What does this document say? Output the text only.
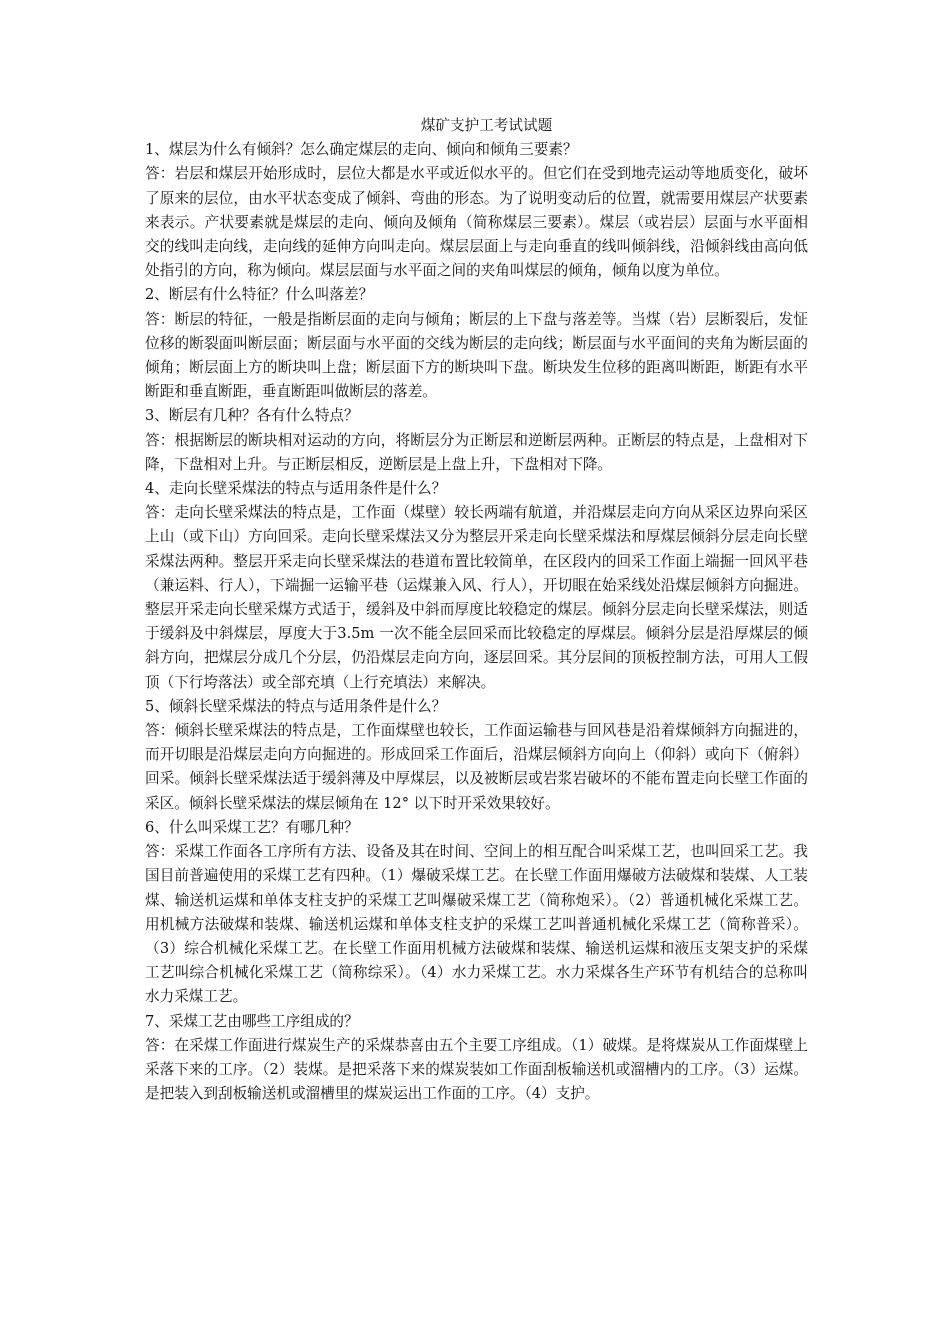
煤矿支护工考试试题

1、煤层为什么有倾斜？怎么确定煤层的走向、倾向和倾角三要素？

答：岩层和煤层开始形成时，层位大都是水平或近似水平的。但它们在受到地壳运动等地质变化，破坏了原来的层位，由水平状态变成了倾斜、弯曲的形态。为了说明变动后的位置，就需要用煤层产状要素来表示。产状要素就是煤层的走向、倾向及倾角（简称煤层三要素）。煤层（或岩层）层面与水平面相交的线叫走向线，走向线的延伸方向叫走向。煤层层面上与走向垂直的线叫倾斜线，沿倾斜线由高向低处指引的方向，称为倾向。煤层层面与水平面之间的夹角叫煤层的倾角，倾角以度为单位。

2、断层有什么特征？什么叫落差？

答：断层的特征，一般是指断层面的走向与倾角；断层的上下盘与落差等。当煤（岩）层断裂后，发怔位移的断裂面叫断层面；断层面与水平面的交线为断层的走向线；断层面与水平面间的夹角为断层面的倾角；断层面上方的断块叫上盘；断层面下方的断块叫下盘。断块发生位移的距离叫断距，断距有水平断距和垂直断距，垂直断距叫做断层的落差。

3、断层有几种？各有什么特点？

答：根据断层的断块相对运动的方向，将断层分为正断层和逆断层两种。正断层的特点是，上盘相对下降，下盘相对上升。与正断层相反，逆断层是上盘上升，下盘相对下降。

4、走向长壁采煤法的特点与适用条件是什么？

答：走向长壁采煤法的特点是，工作面（煤壁）较长两端有航道，并沿煤层走向方向从采区边界向采区上山（或下山）方向回采。走向长壁采煤法又分为整层开采走向长壁采煤法和厚煤层倾斜分层走向长壁采煤法两种。整层开采走向长壁采煤法的巷道布置比较简单，在区段内的回采工作面上端掘一回风平巷（兼运料、行人），下端掘一运输平巷（运煤兼入风、行人），开切眼在始采线处沿煤层倾斜方向掘进。整层开采走向长壁采煤方式适于，缓斜及中斜而厚度比较稳定的煤层。倾斜分层走向长壁采煤法，则适于缓斜及中斜煤层，厚度大于3.5m 一次不能全层回采而比较稳定的厚煤层。倾斜分层是沿厚煤层的倾斜方向，把煤层分成几个分层，仍沿煤层走向方向，逐层回采。其分层间的顶板控制方法，可用人工假顶（下行垮落法）或全部充填（上行充填法）来解决。

5、倾斜长壁采煤法的特点与适用条件是什么？

答：倾斜长壁采煤法的特点是，工作面煤壁也较长，工作面运输巷与回风巷是沿着煤倾斜方向掘进的，而开切眼是沿煤层走向方向掘进的。形成回采工作面后，沿煤层倾斜方向向上（仰斜）或向下（俯斜）回采。倾斜长壁采煤法适于缓斜薄及中厚煤层，以及被断层或岩浆岩破坏的不能布置走向长壁工作面的采区。倾斜长壁采煤法的煤层倾角在 12° 以下时开采效果较好。

6、什么叫采煤工艺？有哪几种？

答：采煤工作面各工序所有方法、设备及其在时间、空间上的相互配合叫采煤工艺，也叫回采工艺。我国目前普遍使用的采煤工艺有四种。（1）爆破采煤工艺。在长壁工作面用爆破方法破煤和装煤、人工装煤、输送机运煤和单体支柱支护的采煤工艺叫爆破采煤工艺（简称炮采）。（2）普通机械化采煤工艺。用机械方法破煤和装煤、输送机运煤和单体支柱支护的采煤工艺叫普通机械化采煤工艺（简称普采）。（3）综合机械化采煤工艺。在长壁工作面用机械方法破煤和装煤、输送机运煤和液压支架支护的采煤工艺叫综合机械化采煤工艺（简称综采）。（4）水力采煤工艺。水力采煤各生产环节有机结合的总称叫水力采煤工艺。

7、采煤工艺由哪些工序组成的？

答：在采煤工作面进行煤炭生产的采煤恭喜由五个主要工序组成。（1）破煤。是将煤炭从工作面煤壁上采落下来的工序。（2）装煤。是把采落下来的煤炭装如工作面刮板输送机或溜槽内的工序。（3）运煤。是把装入到刮板输送机或溜槽里的煤炭运出工作面的工序。（4）支护。
